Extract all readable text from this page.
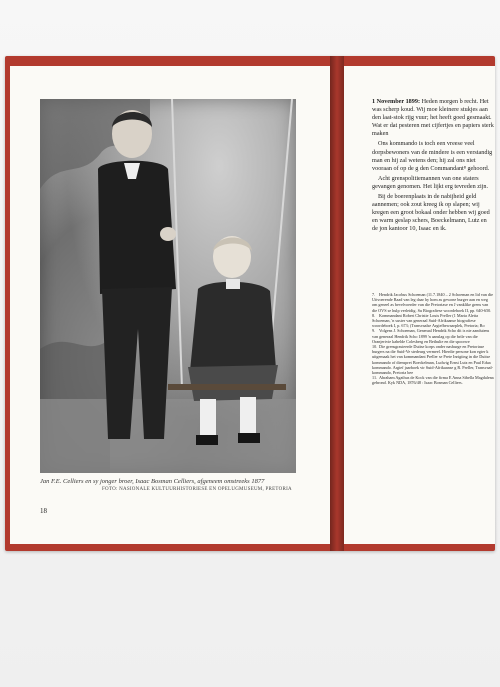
Jan F.E. Celliers en sy jonger broer, Isaac Bosman Celliers, afgeneem omstreeks 1877
FOTO: NASIONALE KULTUURHISTORIESE EN OPELUGMUSEUM, PRETORIA
18

1 November 1899: Heden morgen b recht. Het was scherp koud. Wij moe kleinere stukjes aan den laat-stok rijg vuur; het heeft goed gesmaakt. Wat er dat pesteren met cijfertjes en papiers sterk maken

Ons kommando is toch een vreese veel dorpsbewoners van de mindere is een verstandig man en hij zal wetens den; hij zal ons niet vooraan of op de g den Commandant⁸ gehoord.

Acht grenspolitiemannen van one staters gevangen genomen. Het lijkt erg tevreden zijn.

Bij de boerenplaats in de nabijheid geld aannemen; ook zout kreeg ik op slapen; wij kregen een groot bokaal onder hebben wij goed en warm geslap schers, Boeckelmann, Lutz en de jon kantoor 10, Isaac en ik.

7. Hendrik Jacobus Schoeman (11.7.1840 – 2 Schoeman en lid van die Uitvoerende Raad van leg daar hy hom as gewone burger aan en weg om geneel as bevelvoerder van die Pretoriase en J vanklike grens van die OVS se hulp verleidig. Su Biografiese woordeboek II, pp. 640-650.

8. Kommandant Robert Christie Louis Preller (1 Maria Aletta Schoeman, 'n suster van generaal Suid-Afrikaanse biografiese woordeboek I, p. 673; (Transvaalse Argiefbewaarplek, Pretoria; Bo

9. Volgens J. Schoeman, Generaal Hendrik Scho dit is nie aanduiens van generaal Hendrik Scho 1899 'n aanslag op die brile van die Oranjerivie kabelde Colesberg en Bethulie en die spoorwe

10. Die grensgrasieerde Duitse korps onder nasburge en Pretoriase burgers na die Suid-Ve stedeurg vermeel. Hierdie persone kon egter k uitgemaak het van kommandant Preller se Prete Inrigting in die Duitse kommando of dienspret Boeckelman, Ludwig Ernst Lutz en Paul Edua kommando. Argief jaarboek vir Suid-Afrikaanse g R. Preller, Transvaal-kommando, Pretoria bee

11. Abraham Agathus de Kock van die firma E Anna Sibella Magdalena gebrond. Kyk NDA, 1876/48 : Isaac Bosman Celliers.
